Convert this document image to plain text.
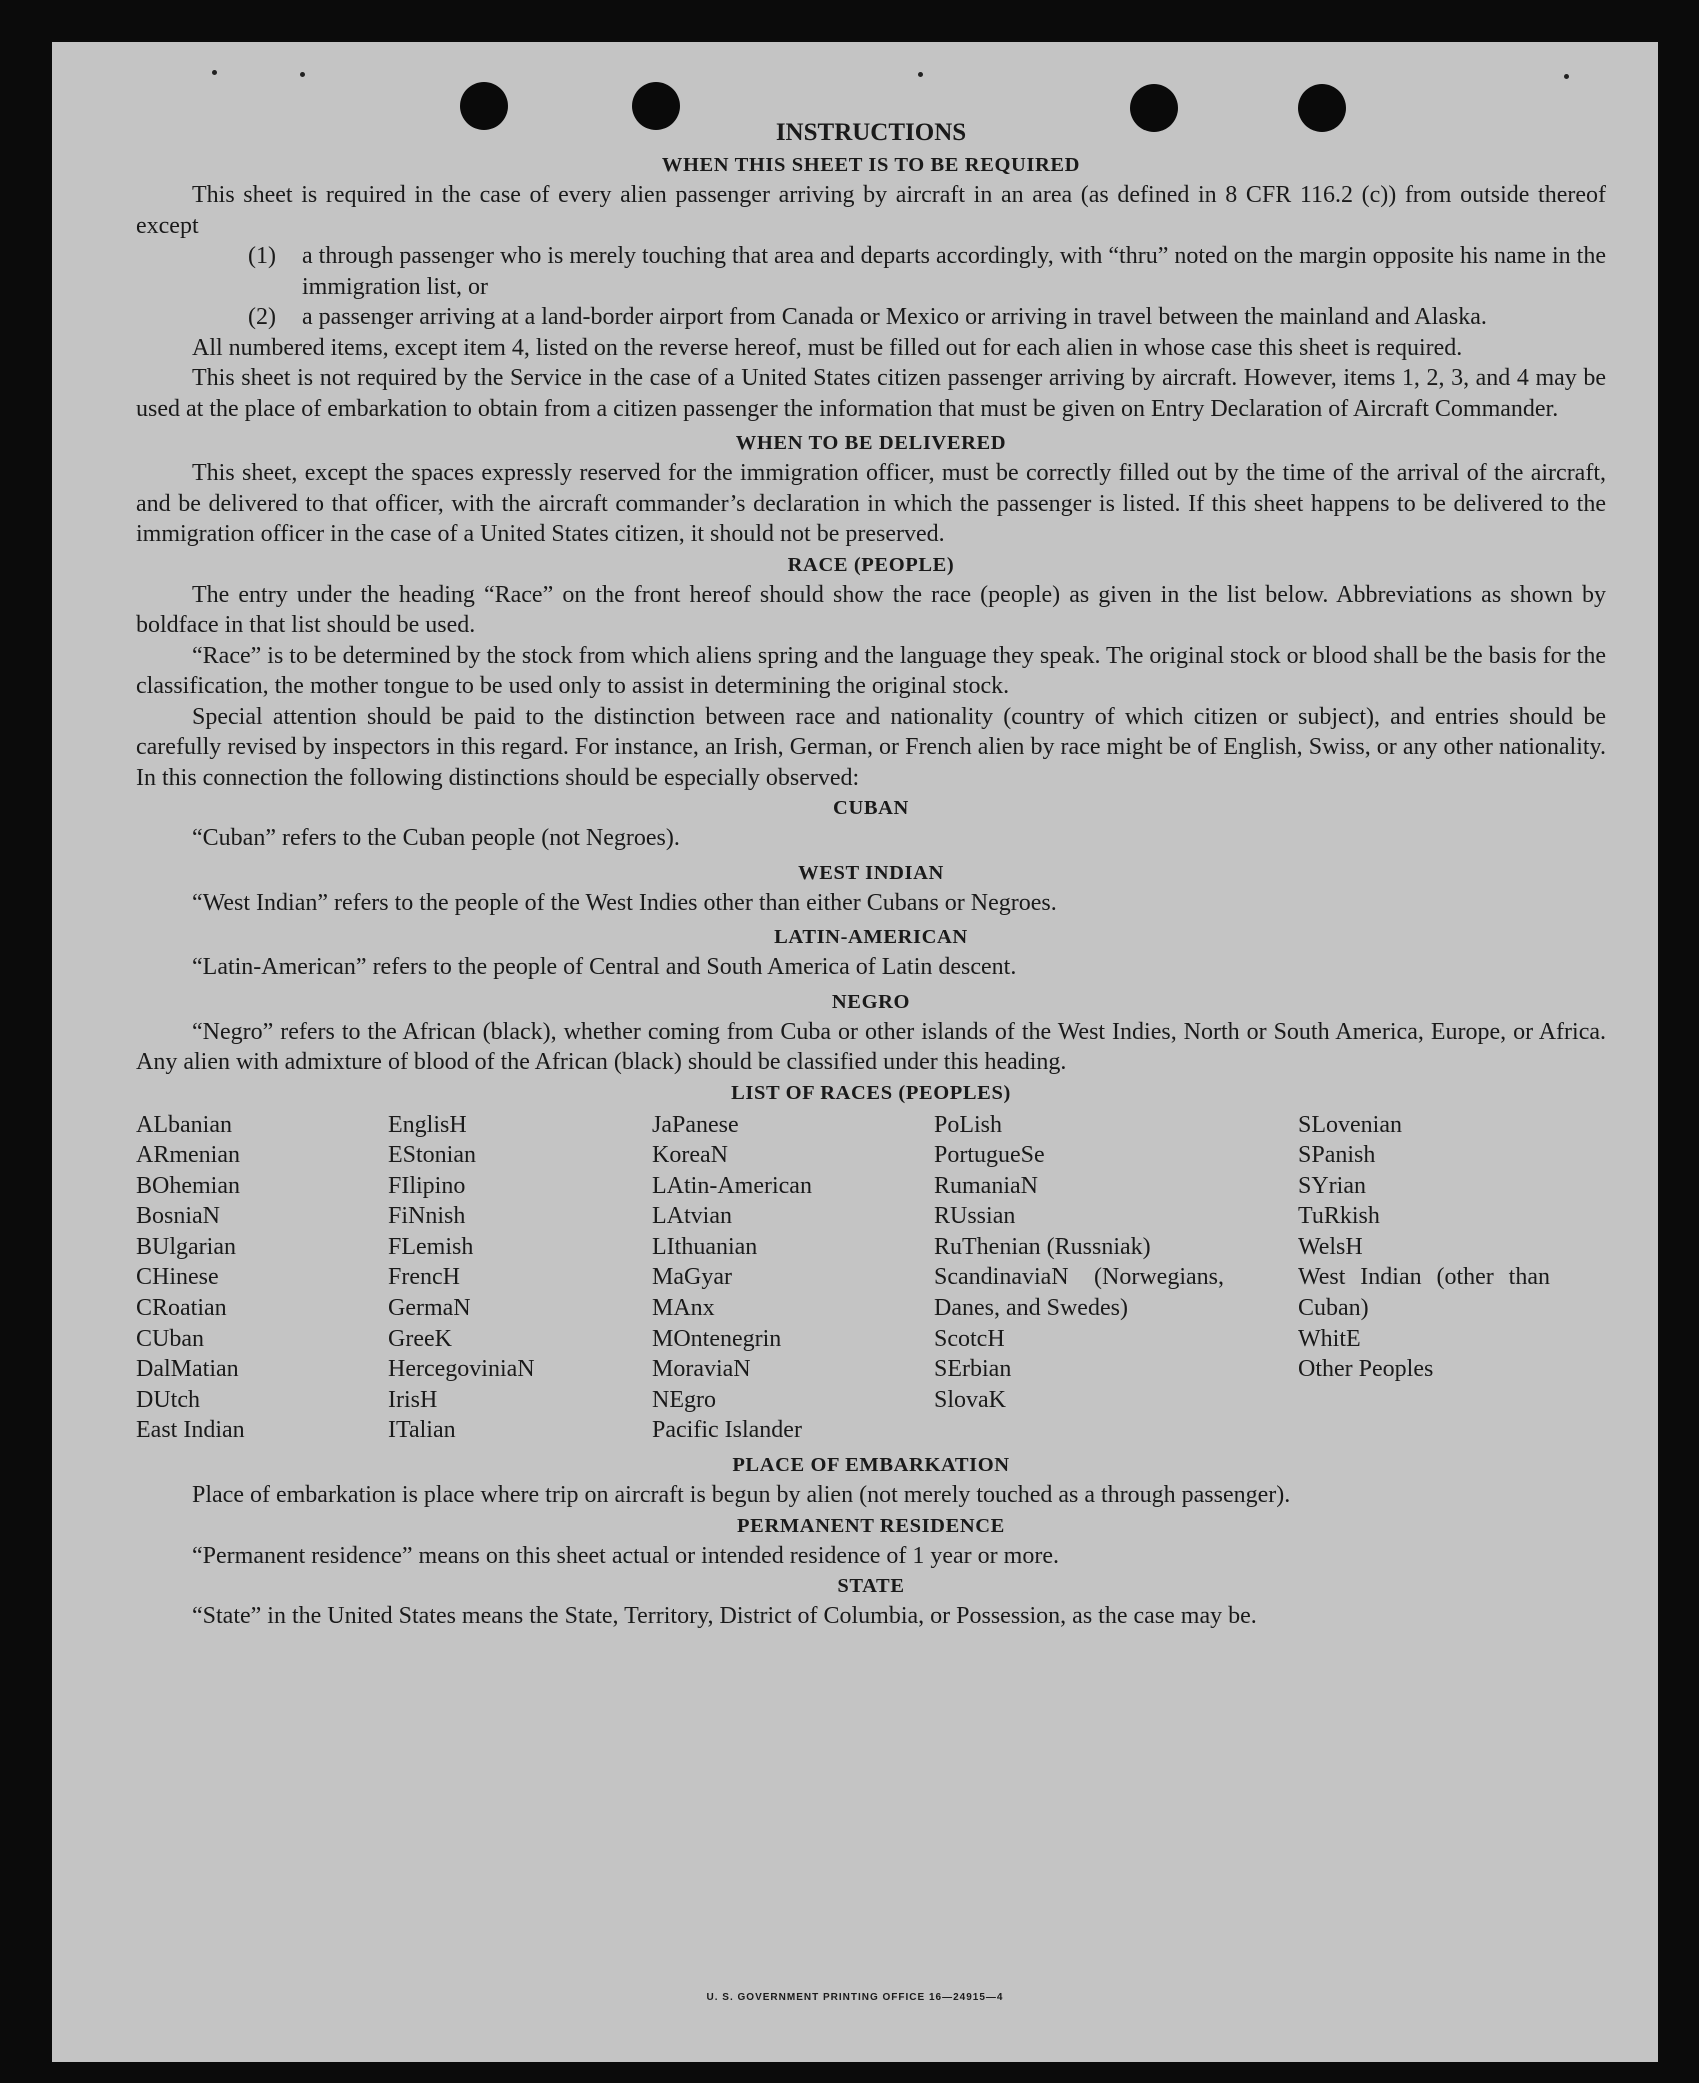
INSTRUCTIONS
WHEN THIS SHEET IS TO BE REQUIRED

This sheet is required in the case of every alien passenger arriving by aircraft in an area (as defined in 8 CFR 116.2 (c)) from outside thereof except

(1)	a through passenger who is merely touching that area and departs accordingly, with “thru” noted on the margin opposite his name in the immigration list, or
(2)	a passenger arriving at a land-border airport from Canada or Mexico or arriving in travel between the mainland and Alaska.

All numbered items, except item 4, listed on the reverse hereof, must be filled out for each alien in whose case this sheet is required.

This sheet is not required by the Service in the case of a United States citizen passenger arriving by aircraft. However, items 1, 2, 3, and 4 may be used at the place of embarkation to obtain from a citizen passenger the information that must be given on Entry Declaration of Aircraft Commander.

WHEN TO BE DELIVERED

This sheet, except the spaces expressly reserved for the immigration officer, must be correctly filled out by the time of the arrival of the aircraft, and be delivered to that officer, with the aircraft commander’s declaration in which the passenger is listed. If this sheet happens to be delivered to the immigration officer in the case of a United States citizen, it should not be preserved.

RACE (PEOPLE)

The entry under the heading “Race” on the front hereof should show the race (people) as given in the list below. Abbreviations as shown by boldface in that list should be used.

“Race” is to be determined by the stock from which aliens spring and the language they speak. The original stock or blood shall be the basis for the classification, the mother tongue to be used only to assist in determining the original stock.

Special attention should be paid to the distinction between race and nationality (country of which citizen or subject), and entries should be carefully revised by inspectors in this regard. For instance, an Irish, German, or French alien by race might be of English, Swiss, or any other nationality. In this connection the following distinctions should be especially observed:

CUBAN
“Cuban” refers to the Cuban people (not Negroes).
WEST INDIAN
“West Indian” refers to the people of the West Indies other than either Cubans or Negroes.
LATIN-AMERICAN
“Latin-American” refers to the people of Central and South America of Latin descent.
NEGRO

“Negro” refers to the African (black), whether coming from Cuba or other islands of the West Indies, North or South America, Europe, or Africa. Any alien with admixture of blood of the African (black) should be classified under this heading.

LIST OF RACES (PEOPLES)
ALbanian
ARmenian
BOhemian
BosniaN
BUlgarian
CHinese
CRoatian
CUban
DalMatian
DUtch
East Indian
EnglisH
EStonian
FIlipino
FiNnish
FLemish
FrencH
GermaN
GreeK
HercegoviniaN
IrisH
ITalian
JaPanese
KoreaN
LAtin-American
LAtvian
LIthuanian
MaGyar
MAnx
MOntenegrin
MoraviaN
NEgro
Pacific Islander
PoLish
PortugueSe
RumaniaN
RUssian
RuThenian (Russniak)
ScandinaviaN (Norwegians, Danes, and Swedes)
ScotcH
SErbian
SlovaK
SLovenian
SPanish
SYrian
TuRkish
WelsH
West Indian (other than Cuban)
WhitE
Other Peoples
PLACE OF EMBARKATION

Place of embarkation is place where trip on aircraft is begun by alien (not merely touched as a through passenger).

PERMANENT RESIDENCE
“Permanent residence” means on this sheet actual or intended residence of 1 year or more.
STATE

“State” in the United States means the State, Territory, District of Columbia, or Possession, as the case may be.

U. S. GOVERNMENT PRINTING OFFICE 16—24915—4
